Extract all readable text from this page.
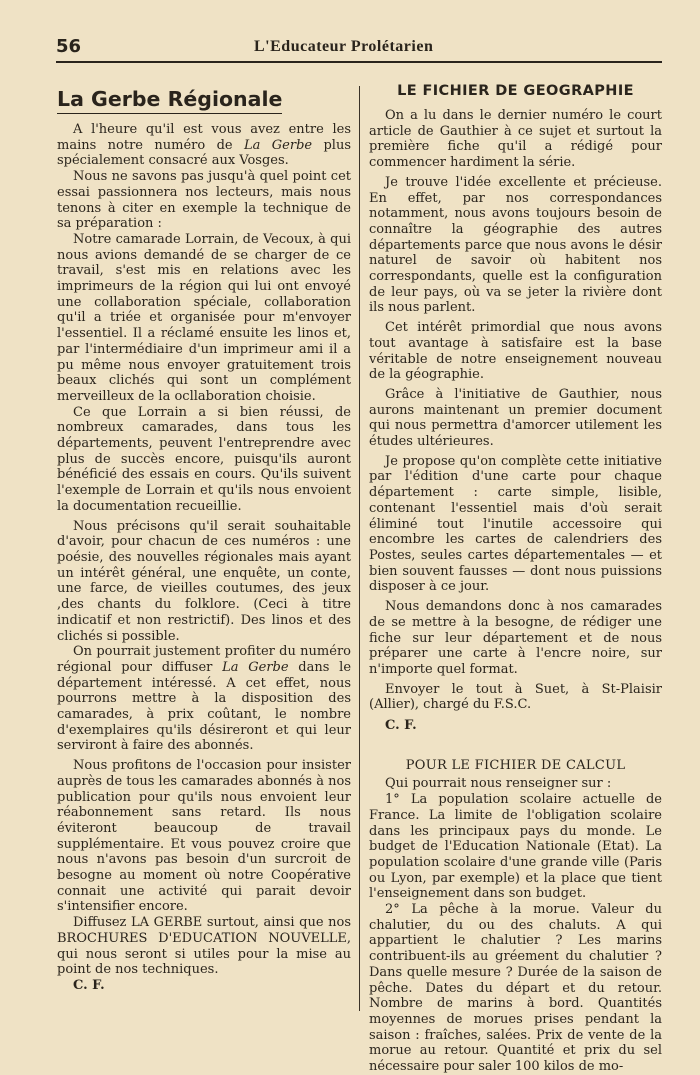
56	L'Educateur Prolétarien
La Gerbe Régionale

A l'heure qu'il est vous avez entre les mains notre numéro de La Gerbe plus spécialement consacré aux Vosges.

Nous ne savons pas jusqu'à quel point cet essai passionnera nos lecteurs, mais nous tenons à citer en exemple la technique de sa préparation :

Notre camarade Lorrain, de Vecoux, à qui nous avions demandé de se charger de ce travail, s'est mis en relations avec les imprimeurs de la région qui lui ont envoyé une collaboration spéciale, collaboration qu'il a triée et organisée pour m'envoyer l'essentiel. Il a réclamé ensuite les linos et, par l'intermédiaire d'un imprimeur ami il a pu même nous envoyer gratuitement trois beaux clichés qui sont un complément merveilleux de la ocllaboration choisie.

Ce que Lorrain a si bien réussi, de nombreux camarades, dans tous les départements, peuvent l'entreprendre avec plus de succès encore, puisqu'ils auront bénéficié des essais en cours. Qu'ils suivent l'exemple de Lorrain et qu'ils nous envoient la documentation recueillie.

Nous précisons qu'il serait souhaitable d'avoir, pour chacun de ces numéros : une poésie, des nouvelles régionales mais ayant un intérêt général, une enquête, un conte, une farce, de vieilles coutumes, des jeux ,des chants du folklore. (Ceci à titre indicatif et non restrictif). Des linos et des clichés si possible.

On pourrait justement profiter du numéro régional pour diffuser La Gerbe dans le département intéressé. A cet effet, nous pourrons mettre à la disposition des camarades, à prix coûtant, le nombre d'exemplaires qu'ils désireront et qui leur serviront à faire des abonnés.

Nous profitons de l'occasion pour insister auprès de tous les camarades abonnés à nos publication pour qu'ils nous envoient leur réabonnement sans retard. Ils nous éviteront beaucoup de travail supplémentaire. Et vous pouvez croire que nous n'avons pas besoin d'un surcroit de besogne au moment où notre Coopérative connait une activité qui parait devoir s'intensifier encore.

Diffusez LA GERBE surtout, ainsi que nos BROCHURES D'EDUCATION NOUVELLE, qui nous seront si utiles pour la mise au point de nos techniques.

C. F.

LE FICHIER DE GEOGRAPHIE

On a lu dans le dernier numéro le court article de Gauthier à ce sujet et surtout la première fiche qu'il a rédigé pour commencer hardiment la série.

Je trouve l'idée excellente et précieuse. En effet, par nos correspondances notamment, nous avons toujours besoin de connaître la géographie des autres départements parce que nous avons le désir naturel de savoir où habitent nos correspondants, quelle est la configuration de leur pays, où va se jeter la rivière dont ils nous parlent.

Cet intérêt primordial que nous avons tout avantage à satisfaire est la base véritable de notre enseignement nouveau de la géographie.

Grâce à l'initiative de Gauthier, nous aurons maintenant un premier document qui nous permettra d'amorcer utilement les études ultérieures.

Je propose qu'on complète cette initiative par l'édition d'une carte pour chaque département : carte simple, lisible, contenant l'essentiel mais d'où serait éliminé tout l'inutile accessoire qui encombre les cartes de calendriers des Postes, seules cartes départementales — et bien souvent fausses — dont nous puissions disposer à ce jour.

Nous demandons donc à nos camarades de se mettre à la besogne, de rédiger une fiche sur leur département et de nous préparer une carte à l'encre noire, sur n'importe quel format.

Envoyer le tout à Suet, à St-Plaisir (Allier), chargé du F.S.C.

C. F.

POUR LE FICHIER DE CALCUL

Qui pourrait nous renseigner sur :

1° La population scolaire actuelle de France. La limite de l'obligation scolaire dans les principaux pays du monde. Le budget de l'Education Nationale (Etat). La population scolaire d'une grande ville (Paris ou Lyon, par exemple) et la place que tient l'enseignement dans son budget.

2° La pêche à la morue. Valeur du chalutier, du ou des chaluts. A qui appartient le chalutier ? Les marins contribuent-ils au gréement du chalutier ? Dans quelle mesure ? Durée de la saison de pêche. Dates du départ et du retour. Nombre de marins à bord. Quantités moyennes de morues prises pendant la saison : fraîches, salées. Prix de vente de la morue au retour. Quantité et prix du sel nécessaire pour saler 100 kilos de mo-
